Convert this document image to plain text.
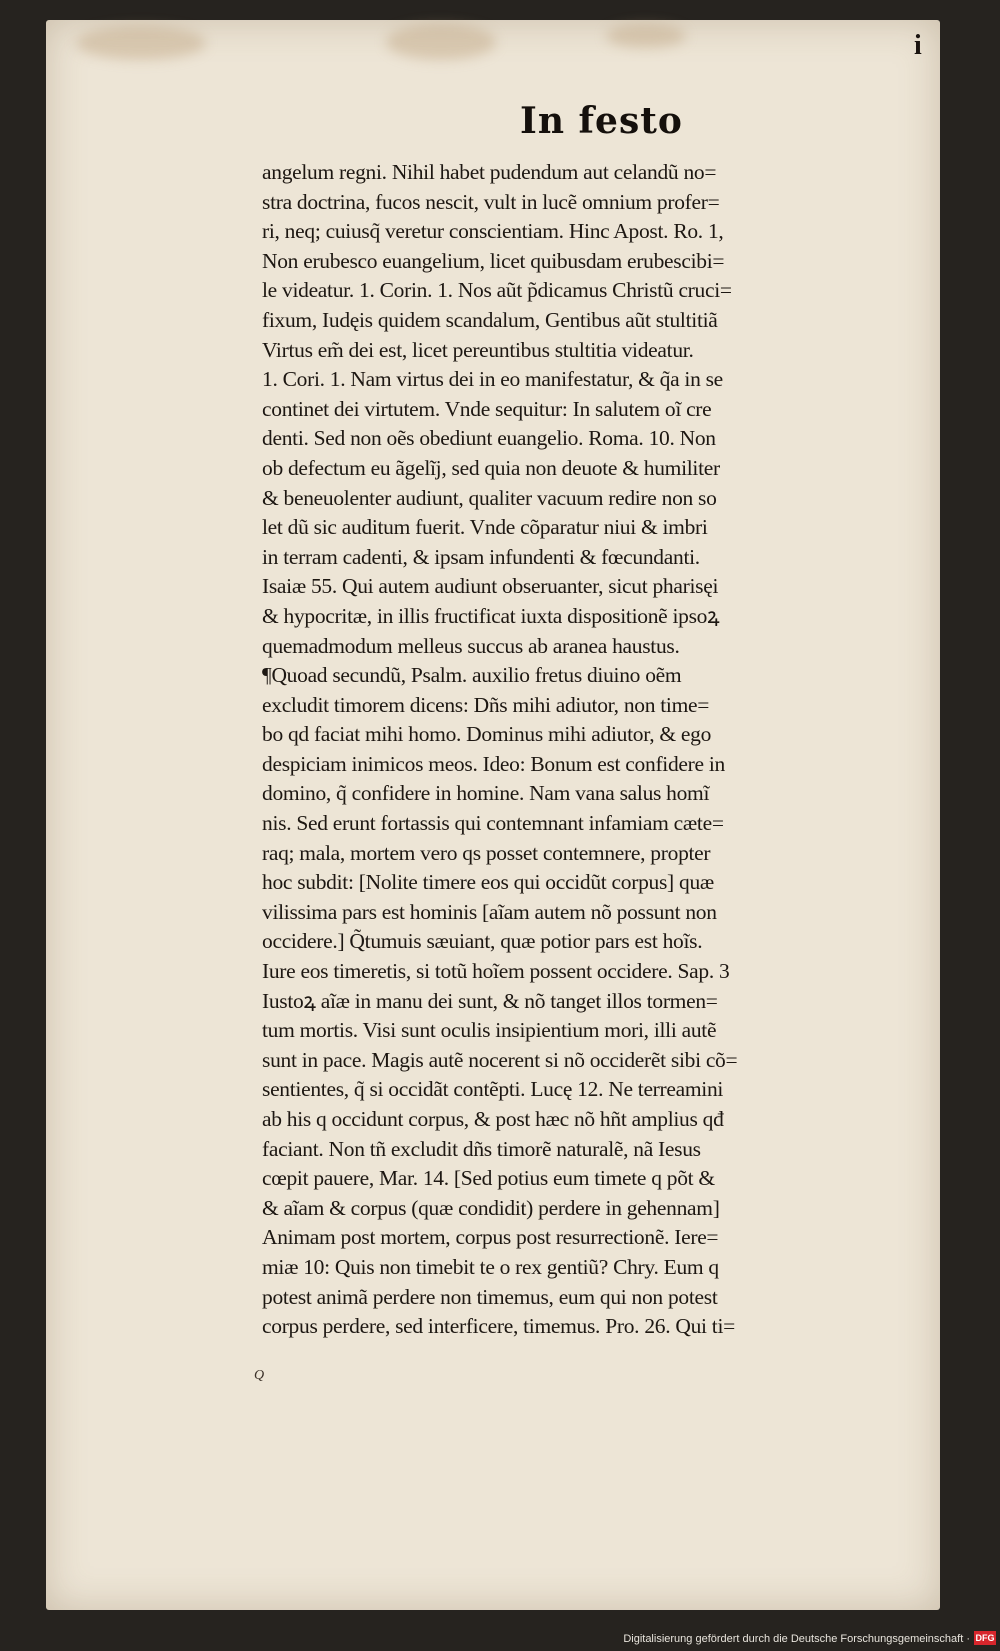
i
In festo
angelum regni. Nihil habet pudendum aut celandũ no=
stra doctrina, fucos nescit, vult in lucẽ omnium profer=
ri, neq; cuiusq̃ veretur conscientiam. Hinc Apost. Ro. 1,
Non erubesco euangelium, licet quibusdam erubescibi=
le videatur. 1. Corin. 1. Nos aũt p̃dicamus Christũ cruci=
fixum, Iudęis quidem scandalum, Gentibus aũt stultitiã
Virtus em̃ dei est, licet pereuntibus stultitia videatur.
1. Cori. 1. Nam virtus dei in eo manifestatur, & q̃a in se
continet dei virtutem. Vnde sequitur: In salutem oĩ cre
denti. Sed non oẽs obediunt euangelio. Roma. 10. Non
ob defectum eu ãgelĩj, sed quia non deuote & humiliter
& beneuolenter audiunt, qualiter vacuum redire non so
let dũ sic auditum fuerit. Vnde cõparatur niui & imbri
in terram cadenti, & ipsam infundenti & fœcundanti.
Isaiæ 55. Qui autem audiunt obseruanter, sicut pharisęi
& hypocritæ, in illis fructificat iuxta dispositionẽ ipsoꝝ
quemadmodum melleus succus ab aranea haustus.
¶Quoad secundũ, Psalm. auxilio fretus diuino oẽm
excludit timorem dicens: Dñs mihi adiutor, non time=
bo qd faciat mihi homo. Dominus mihi adiutor, & ego
despiciam inimicos meos. Ideo: Bonum est confidere in
domino, q̃ confidere in homine. Nam vana salus homĩ
nis. Sed erunt fortassis qui contemnant infamiam cæte=
raq; mala, mortem vero qs posset contemnere, propter
hoc subdit: [Nolite timere eos qui occidũt corpus] quæ
vilissima pars est hominis [aĩam autem nõ possunt non
occidere.] Q̃tumuis sæuiant, quæ potior pars est hoĩs.
Iure eos timeretis, si totũ hoĩem possent occidere. Sap. 3
Iustoꝝ aĩæ in manu dei sunt, & nõ tanget illos tormen=
tum mortis. Visi sunt oculis insipientium mori, illi autẽ
sunt in pace. Magis autẽ nocerent si nõ occiderẽt sibi cõ=
sentientes, q̃ si occidãt contẽpti. Lucę 12. Ne terreamini
ab his q occidunt corpus, & post hæc nõ hñt amplius qđ
faciant. Non tñ excludit dñs timorẽ naturalẽ, nã Iesus
cœpit pauere, Mar. 14. [Sed potius eum timete q põt &
& aĩam & corpus (quæ condidit) perdere in gehennam]
Animam post mortem, corpus post resurrectionẽ. Iere=
miæ 10: Quis non timebit te o rex gentiũ? Chry. Eum q
potest animã perdere non timemus, eum qui non potest
corpus perdere, sed interficere, timemus. Pro. 26. Qui ti=
Q
Digitalisierung gefördert durch die Deutsche Forschungsgemeinschaft · DFG
